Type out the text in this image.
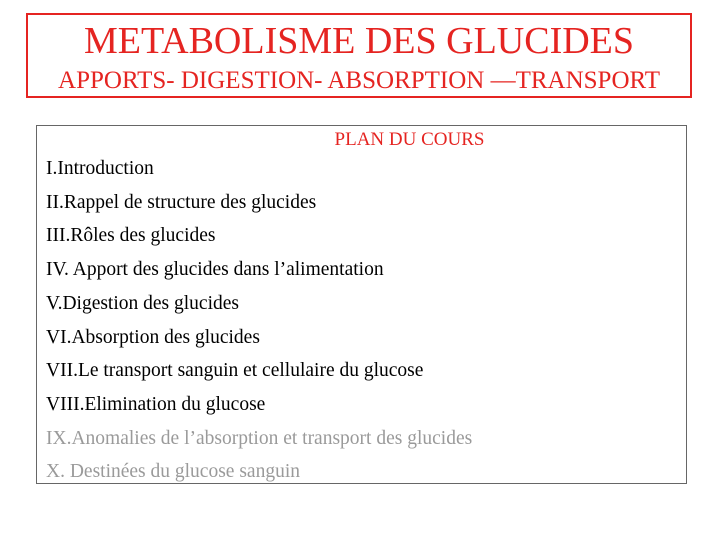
METABOLISME DES GLUCIDES
APPORTS- DIGESTION- ABSORPTION —TRANSPORT
PLAN DU COURS
I.Introduction
II.Rappel de structure des glucides
III.Rôles des glucides
IV. Apport des glucides dans l’alimentation
V.Digestion des glucides
VI.Absorption des glucides
VII.Le transport sanguin et cellulaire du glucose
VIII.Elimination du glucose
IX.Anomalies de l’absorption et transport des glucides
X. Destinées du glucose sanguin
